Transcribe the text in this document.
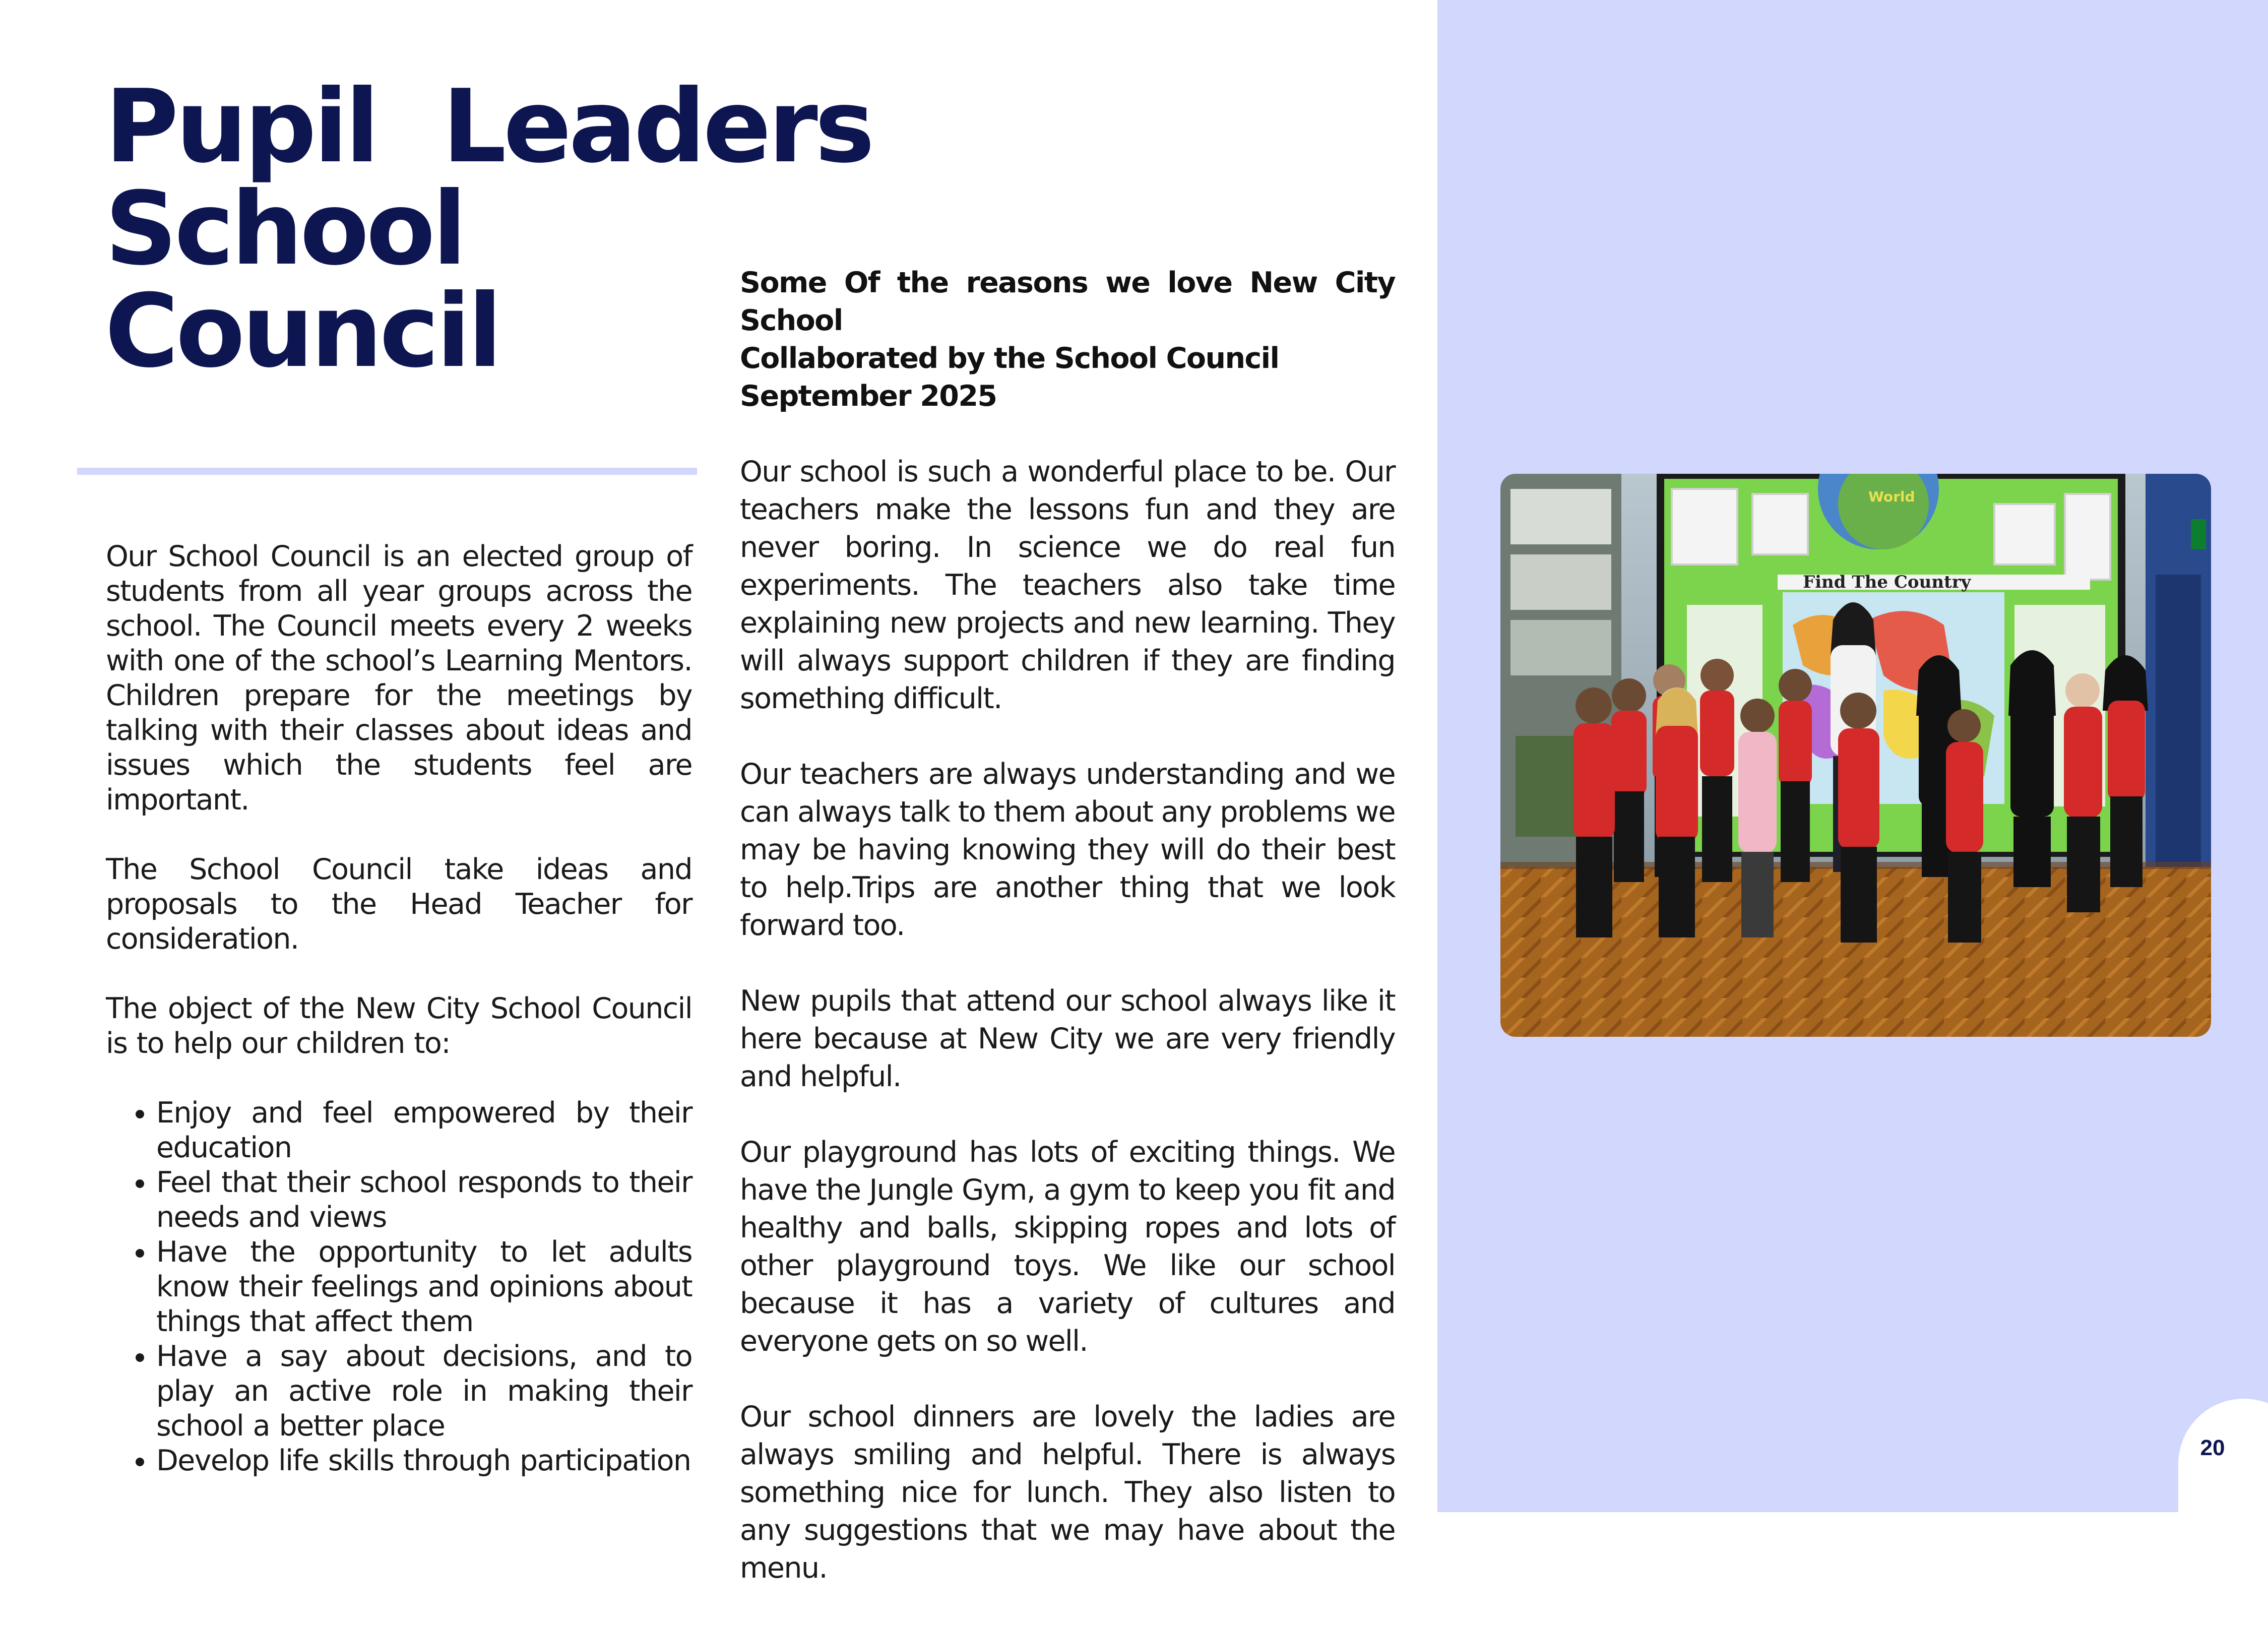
Pupil Leaders
School
Council

Our School Council is an elected group of students from all year groups across the school. The Council meets every 2 weeks with one of the school’s Learning Mentors. Children prepare for the meetings by talking with their classes about ideas and issues which the students feel are important.

The School Council take ideas and proposals to the Head Teacher for consideration.

The object of the New City School Council is to help our children to:

• Enjoy and feel empowered by their education
• Feel that their school responds to their needs and views
• Have the opportunity to let adults know their feelings and opinions about things that affect them
• Have a say about decisions, and to play an active role in making their school a better place
• Develop life skills through participation
Some Of the reasons we love New City School
Collaborated by the School Council
September 2025

Our school is such a wonderful place to be. Our teachers make the lessons fun and they are never boring. In science we do real fun experiments. The teachers also take time explaining new projects and new learning. They will always support children if they are finding something difficult.

Our teachers are always understanding and we can always talk to them about any problems we may be having knowing they will do their best to help.Trips are another thing that we look forward too.

New pupils that attend our school always like it here because at New City we are very friendly and helpful.

Our playground has lots of exciting things. We have the Jungle Gym, a gym to keep you fit and healthy and balls, skipping ropes and lots of other playground toys. We like our school because it has a variety of cultures and everyone gets on so well.

Our school dinners are lovely the ladies are always smiling and helpful. There is always something nice for lunch. They also listen to any suggestions that we may have about the menu.

World
Find The Country
20
